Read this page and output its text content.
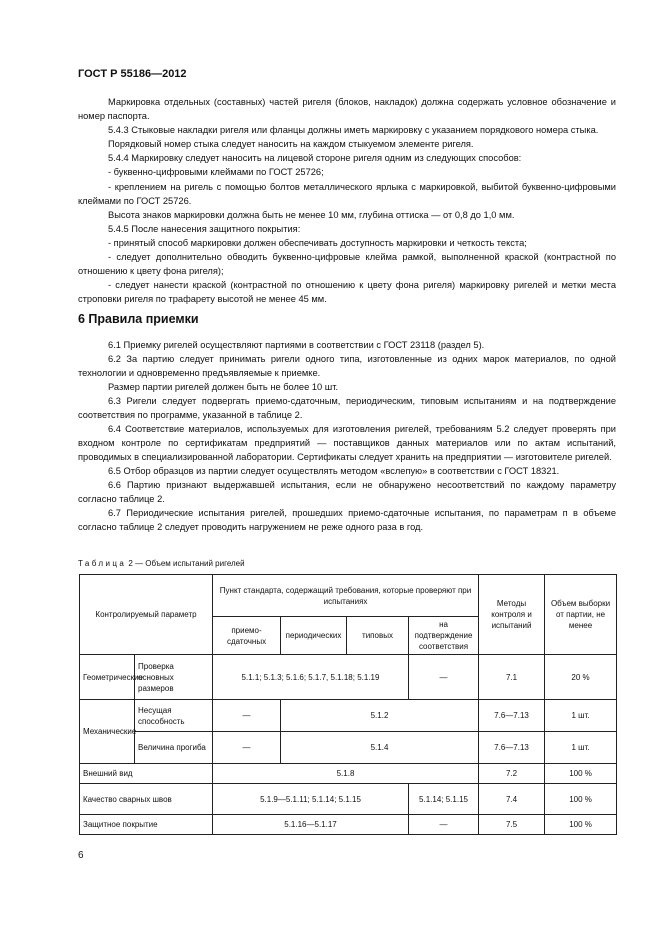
ГОСТ Р 55186—2012

Маркировка отдельных (составных) частей ригеля (блоков, накладок) должна содержать условное обозначение и номер паспорта.

5.4.3 Стыковые накладки ригеля или фланцы должны иметь маркировку с указанием порядкового номера стыка.

Порядковый номер стыка следует наносить на каждом стыкуемом элементе ригеля.

5.4.4 Маркировку следует наносить на лицевой стороне ригеля одним из следующих способов:

- буквенно-цифровыми клеймами по ГОСТ 25726;

- креплением на ригель с помощью болтов металлического ярлыка с маркировкой, выбитой буквенно-цифровыми клеймами по ГОСТ 25726.

Высота знаков маркировки должна быть не менее 10 мм, глубина оттиска — от 0,8 до 1,0 мм.

5.4.5 После нанесения защитного покрытия:

- принятый способ маркировки должен обеспечивать доступность маркировки и четкость текста;

- следует дополнительно обводить буквенно-цифровые клейма рамкой, выполненной краской (контрастной по отношению к цвету фона ригеля);

- следует нанести краской (контрастной по отношению к цвету фона ригеля) маркировку ригелей и метки места строповки ригеля по трафарету высотой не менее 45 мм.

6 Правила приемки

6.1 Приемку ригелей осуществляют партиями в соответствии с ГОСТ 23118 (раздел 5).

6.2 За партию следует принимать ригели одного типа, изготовленные из одних марок материалов, по одной технологии и одновременно предъявляемые к приемке.

Размер партии ригелей должен быть не более 10 шт.

6.3 Ригели следует подвергать приемо-сдаточным, периодическим, типовым испытаниям и на подтверждение соответствия по программе, указанной в таблице 2.

6.4 Соответствие материалов, используемых для изготовления ригелей, требованиям 5.2 следует проверять при входном контроле по сертификатам предприятий — поставщиков данных материалов или по актам испытаний, проводимых в специализированной лаборатории. Сертификаты следует хранить на предприятии — изготовителе ригелей.

6.5 Отбор образцов из партии следует осуществлять методом «вслепую» в соответствии с ГОСТ 18321.

6.6 Партию признают выдержавшей испытания, если не обнаружено несоответствий по каждому параметру согласно таблице 2.

6.7 Периодические испытания ригелей, прошедших приемо-сдаточные испытания, по параметрам п в объеме согласно таблице 2 следует проводить нагружением не реже одного раза в год.

Таблица 2 — Объем испытаний ригелей
Контролируемый параметр		Пункт стандарта, содержащий требования, которые проверяют при испытаниях				Методы контроля и испытаний	Объем выборки от партии, не менее
		приемо-сдаточных	периодических	типовых	на подтверждение соответствия		
Геометрические	Проверка основных размеров	5.1.1; 5.1.3; 5.1.6; 5.1.7, 5.1.18; 5.1.19			—	7.1	20 %
Механические	Несущая способность	—	5.1.2			7.6—7.13	1 шт.
	Величина прогиба	—	5.1.4			7.6—7.13	1 шт.
Внешний вид		5.1.8				7.2	100 %
Качество сварных швов		5.1.9—5.1.11; 5.1.14; 5.1.15			5.1.14; 5.1.15	7.4	100 %
Защитное покрытие		5.1.16—5.1.17			—	7.5	100 %
6
